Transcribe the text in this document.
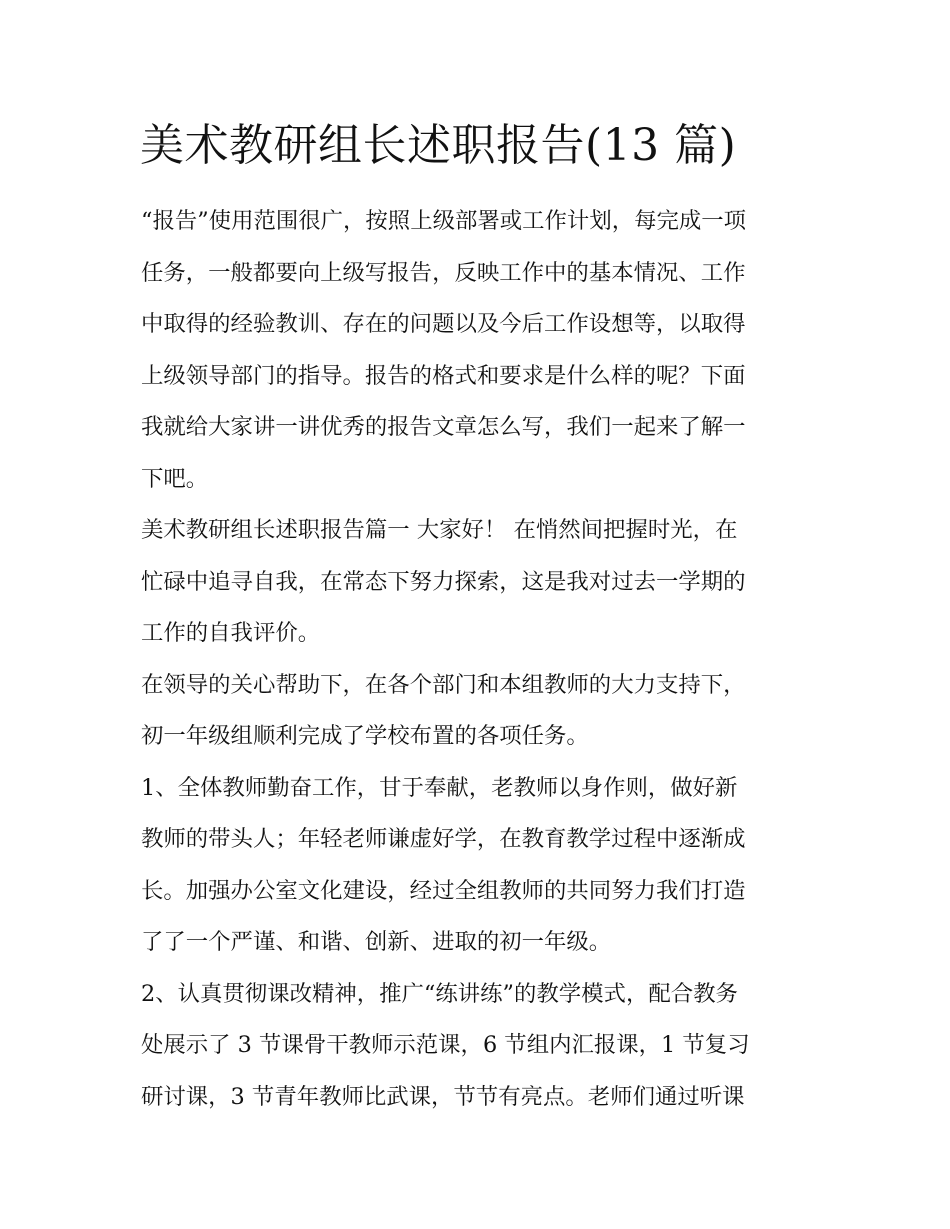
美术教研组长述职报告(13 篇)
“报告”使用范围很广，按照上级部署或工作计划，每完成一项
任务，一般都要向上级写报告，反映工作中的基本情况、工作
中取得的经验教训、存在的问题以及今后工作设想等，以取得
上级领导部门的指导。报告的格式和要求是什么样的呢？下面
我就给大家讲一讲优秀的报告文章怎么写，我们一起来了解一
下吧。
美术教研组长述职报告篇一 大家好！ 在悄然间把握时光，在
忙碌中追寻自我，在常态下努力探索，这是我对过去一学期的
工作的自我评价。
在领导的关心帮助下，在各个部门和本组教师的大力支持下，
初一年级组顺利完成了学校布置的各项任务。
1、全体教师勤奋工作，甘于奉献，老教师以身作则，做好新
教师的带头人；年轻老师谦虚好学，在教育教学过程中逐渐成
长。加强办公室文化建设，经过全组教师的共同努力我们打造
了了一个严谨、和谐、创新、进取的初一年级。
2、认真贯彻课改精神，推广“练讲练”的教学模式，配合教务
处展示了 3 节课骨干教师示范课，6 节组内汇报课，1 节复习
研讨课，3 节青年教师比武课，节节有亮点。老师们通过听课
